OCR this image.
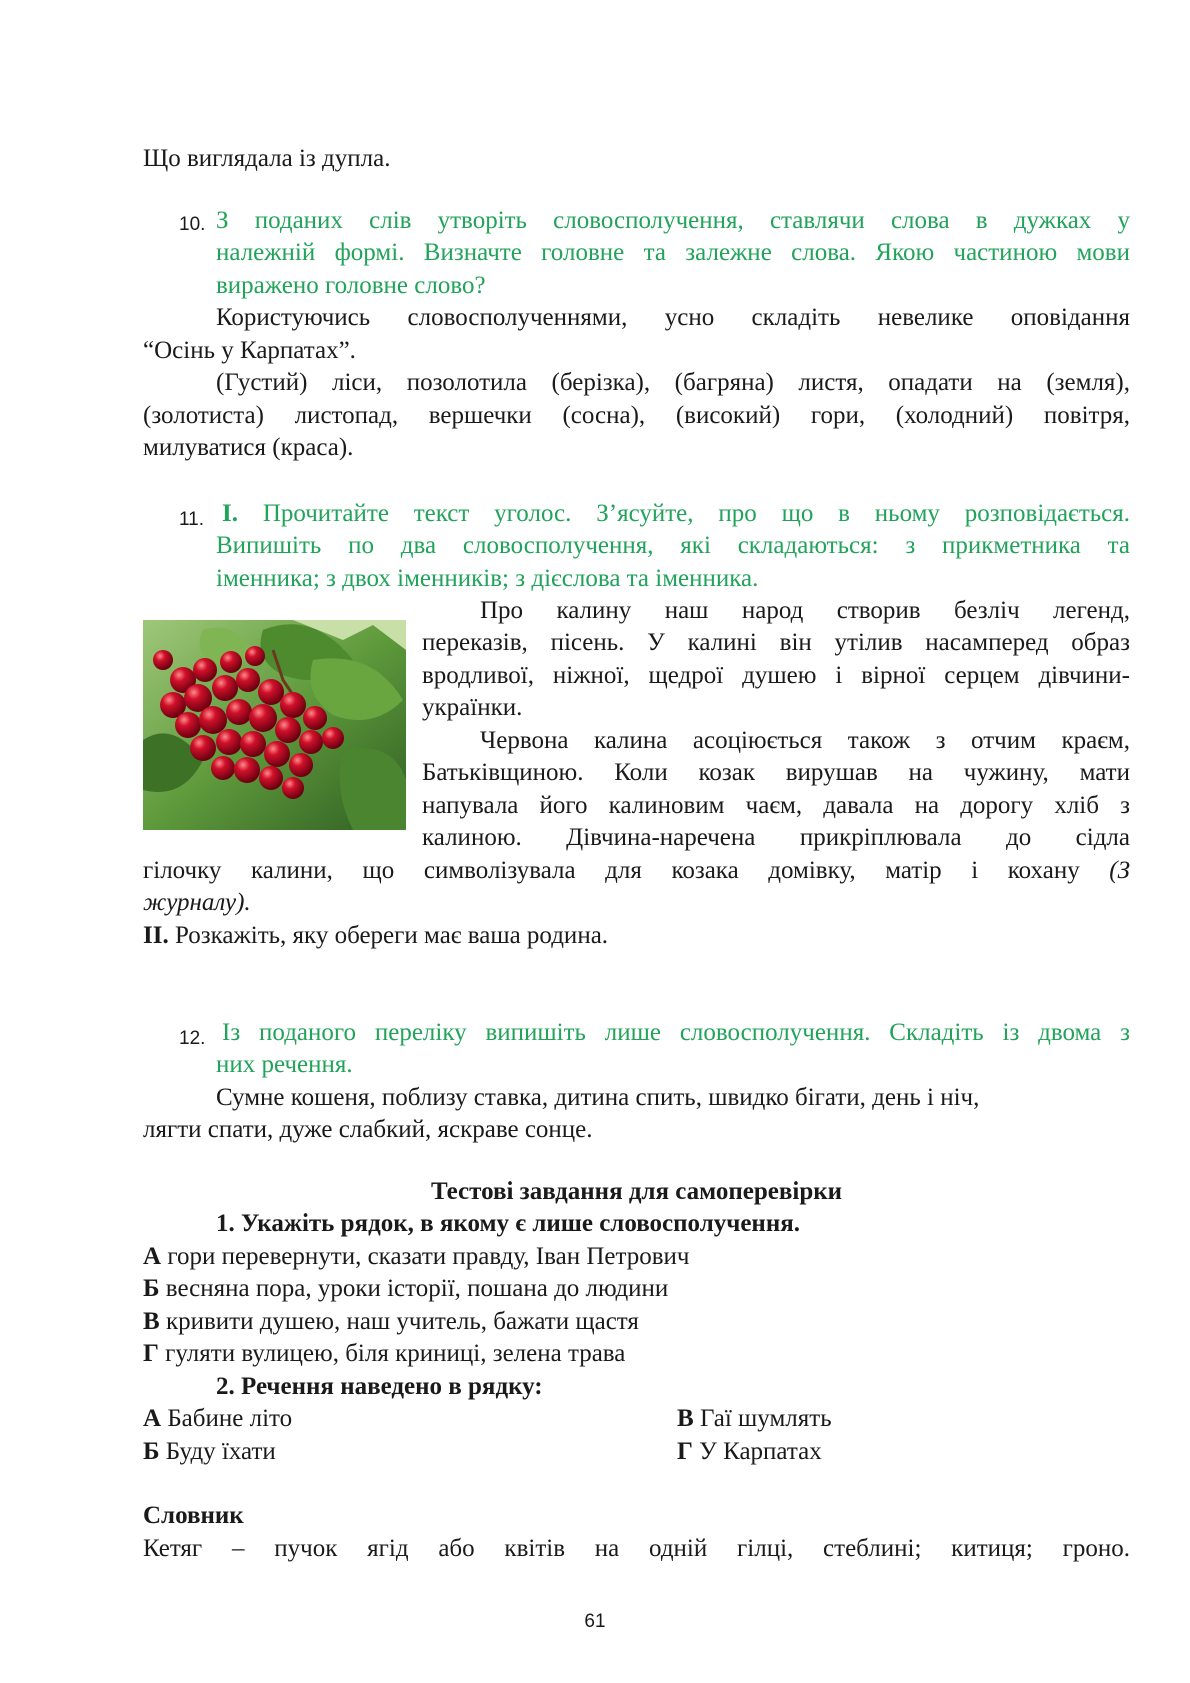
Що виглядала із дупла.
10. З поданих слів утворіть словосполучення, ставлячи слова в дужках у
належній формі. Визначте головне та залежне слова. Якою частиною мови
виражено головне слово?
Користуючись словосполученнями, усно складіть невелике оповідання
“Осінь у Карпатах”.
(Густий) ліси, позолотила (берізка), (багряна) листя, опадати на (земля),
(золотиста) листопад, вершечки (сосна), (високий) гори, (холодний) повітря,
милуватися (краса).
11. І. Прочитайте текст уголос. З’ясуйте, про що в ньому розповідається.
Випишіть по два словосполучення, які складаються: з прикметника та
іменника; з двох іменників; з дієслова та іменника.
Про калину наш народ створив безліч легенд,
переказів, пісень. У калині він утілив насамперед образ
вродливої, ніжної, щедрої душею і вірної серцем дівчини-
українки.
Червона калина асоціюється також з отчим краєм,
Батьківщиною. Коли козак вирушав на чужину, мати
напувала його калиновим чаєм, давала на дорогу хліб з
калиною. Дівчина-наречена прикріплювала до сідла
гілочку калини, що символізувала для козака домівку, матір і кохану (З
журналу).
ІІ. Розкажіть, яку обереги має ваша родина.
12. Із поданого переліку випишіть лише словосполучення. Складіть із двома з
них речення.
Сумне кошеня, поблизу ставка, дитина спить, швидко бігати, день і ніч,
лягти спати, дуже слабкий, яскраве сонце.
Тестові завдання для самоперевірки
1. Укажіть рядок, в якому є лише словосполучення.
А гори перевернути, сказати правду, Іван Петрович
Б весняна пора, уроки історії, пошана до людини
В кривити душею, наш учитель, бажати щастя
Г гуляти вулицею, біля криниці, зелена трава
2. Речення наведено в рядку:
А Бабине літо
Б Буду їхати
В Гаї шумлять
Г У Карпатах
Словник
Кетяг – пучок ягід або квітів на одній гілці, стеблині; китиця; гроно.
61
